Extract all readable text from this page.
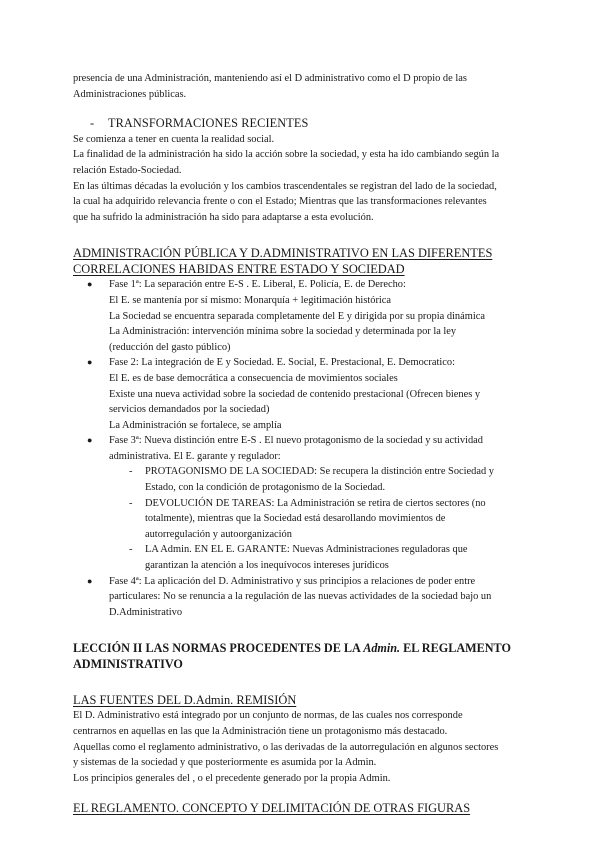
presencia de una Administración, manteniendo así el D administrativo como el D propio de las

Administraciones públicas.

- TRANSFORMACIONES RECIENTES

Se comienza a tener en cuenta la realidad social.

La finalidad de la administración ha sido la acción sobre la sociedad, y esta ha ido cambiando según la

relación Estado-Sociedad.

En las últimas décadas la evolución y los cambios trascendentales se registran del lado de la sociedad,

la cual ha adquirido relevancia frente o con el Estado; Mientras que las transformaciones relevantes

que ha sufrido la administración ha sido para adaptarse a esta evolución.

ADMINISTRACIÓN PÚBLICA Y D.ADMINISTRATIVO EN LAS DIFERENTES

CORRELACIONES HABIDAS ENTRE ESTADO Y SOCIEDAD

● Fase 1ª: La separación entre E-S . E. Liberal, E. Policía, E. de Derecho:

El E. se mantenía por sí mismo: Monarquía + legitimación histórica

La Sociedad se encuentra separada completamente del E y dirigida por su propia dinámica

La Administración: intervención mínima sobre la sociedad y determinada por la ley

(reducción del gasto público)

● Fase 2: La integración de E y Sociedad. E. Social, E. Prestacional, E. Democratico:

El E. es de base democrática a consecuencia de movimientos sociales

Existe una nueva actividad sobre la sociedad de contenido prestacional (Ofrecen bienes y

servicios demandados por la sociedad)

La Administración se fortalece, se amplía

● Fase 3ª: Nueva distinción entre E-S . El nuevo protagonismo de la sociedad y su actividad

administrativa. El E. garante y regulador:

- PROTAGONISMO DE LA SOCIEDAD: Se recupera la distinción entre Sociedad y

Estado, con la condición de protagonismo de la Sociedad.

- DEVOLUCIÓN DE TAREAS: La Administración se retira de ciertos sectores (no

totalmente), mientras que la Sociedad está desarollando movimientos de

autorregulación y autoorganización

- LA Admin. EN EL E. GARANTE: Nuevas Administraciones reguladoras que

garantizan la atención a los inequívocos intereses jurídicos

● Fase 4ª: La aplicación del D. Administrativo y sus principios a relaciones de poder entre

particulares: No se renuncia a la regulación de las nuevas actividades de la sociedad bajo un

D.Administrativo

LECCIÓN II LAS NORMAS PROCEDENTES DE LA Admin. EL REGLAMENTO

ADMINISTRATIVO

LAS FUENTES DEL D.Admin. REMISIÓN

El D. Administrativo está integrado por un conjunto de normas, de las cuales nos corresponde

centrarnos en aquellas en las que la Administración tiene un protagonismo más destacado.

Aquellas como el reglamento administrativo, o las derivadas de la autorregulación en algunos sectores

y sistemas de la sociedad y que posteriormente es asumida por la Admin.

Los principios generales del , o el precedente generado por la propia Admin.

EL REGLAMENTO. CONCEPTO Y DELIMITACIÓN DE OTRAS FIGURAS
